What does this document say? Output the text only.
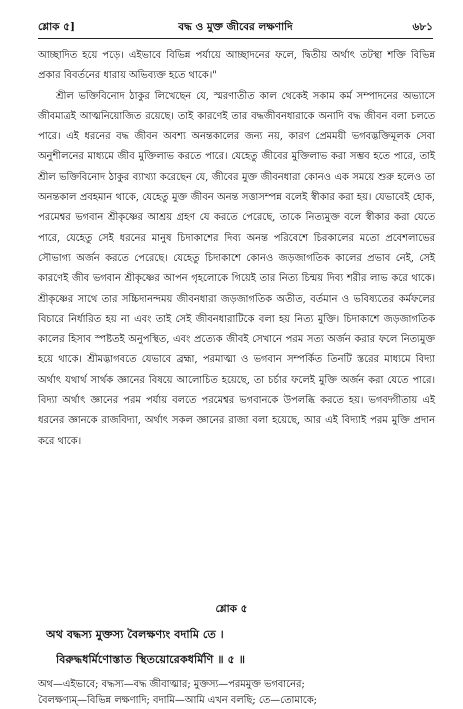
শ্লোক ৫]	বদ্ধ ও মুক্ত জীবের লক্ষণাদি	৬৮১

আচ্ছাদিত হয়ে পড়ে। এইভাবে বিভিন্ন পর্যায়ে আচ্ছাদনের ফলে, দ্বিতীয় অর্থাৎ তটস্থা শক্তি বিভিন্ন প্রকার বিবর্তনের ধারায় অভিব্যক্ত হতে থাকে।"

শ্রীল ভক্তিবিনোদ ঠাকুর লিখেছেন যে, স্মরণাতীত কাল থেকেই সকাম কর্ম সম্পাদনের অভ্যাসে জীবমাত্রই আত্মনিয়োজিত রয়েছে। তাই কারণেই তার বদ্ধজীবনধারাকে অনাদি বদ্ধ জীবন বলা চলতে পারে। এই ধরনের বদ্ধ জীবন অবশ্য অনন্তকালের জন্য নয়, কারণ প্রেমময়ী ভগবদ্ভক্তিমূলক সেবা অনুশীলনের মাধ্যমে জীব মুক্তিলাভ করতে পারে। যেহেতু জীবের মুক্তিলাভ করা সম্ভব হতে পারে, তাই শ্রীল ভক্তিবিনোদ ঠাকুর ব্যাখ্যা করেছেন যে, জীবের মুক্ত জীবনধারা কোনও এক সময়ে শুরু হলেও তা অনন্তকাল প্রবহমান থাকে, যেহেতু মুক্ত জীবন অনন্ত সত্তাসম্পন্ন বলেই স্বীকার করা হয়। যেভাবেই হোক, পরমেশ্বর ভগবান শ্রীকৃষ্ণের আশ্রয় গ্রহণ যে করতে পেরেছে, তাকে নিত্যমুক্ত বলে স্বীকার করা যেতে পারে, যেহেতু সেই ধরনের মানুষ চিদাকাশের দিব্য অনন্ত পরিবেশে চিরকালের মতো প্রবেশলাভের সৌভাগ্য অর্জন করতে পেরেছে। যেহেতু চিদাকাশে কোনও জড়জাগতিক কালের প্রভাব নেই, সেই কারণেই জীব ভগবান শ্রীকৃষ্ণের আপন গৃহলোকে গিয়েই তার নিত্য চিন্ময় দিব্য শরীর লাভ করে থাকে। শ্রীকৃষ্ণের সাথে তার সচ্চিদানন্দময় জীবনধারা জড়জাগতিক অতীত, বর্তমান ও ভবিষ্যতের কর্মফলের বিচারে নির্ধারিত হয় না এবং তাই সেই জীবনধারাটিকে বলা হয় নিত্য মুক্তি। চিদাকাশে জড়জাগতিক কালের হিসাব স্পষ্টতই অনুপস্থিত, এবং প্রত্যেক জীবই সেখানে পরম সত্য অর্জন করার ফলে নিত্যমুক্ত হয়ে থাকে। শ্রীমদ্ভাগবতে যেভাবে ব্রহ্মা, পরমাত্মা ও ভগবান সম্পর্কিত তিনটি স্তরের মাধ্যমে বিদ্যা অর্থাৎ যথার্থ সার্থক জ্ঞানের বিষয়ে আলোচিত হয়েছে, তা চর্চার ফলেই মুক্তি অর্জন করা যেতে পারে। বিদ্যা অর্থাৎ জ্ঞানের পরম পর্যায় বলতে পরমেশ্বর ভগবানকে উপলব্ধি করতে হয়। ভগবদ্গীতায় এই ধরনের জ্ঞানকে রাজবিদ্যা, অর্থাৎ সকল জ্ঞানের রাজা বলা হয়েছে, আর এই বিদ্যাই পরম মুক্তি প্রদান করে থাকে।

শ্লোক ৫
অথ বদ্ধস্য মুক্তস্য বৈলক্ষণ্যং বদামি তে ।
বিরুদ্ধধর্মিণোস্তাত স্থিতয়োরেকধর্মিণি ॥ ৫ ॥

অথ—এইভাবে; বদ্ধস্য—বদ্ধ জীবাত্মার; মুক্তস্য—পরমমুক্ত ভগবানের;

বৈলক্ষণ্যম্—বিভিন্ন লক্ষণাদি; বদামি—আমি এখন বলছি; তে—তোমাকে;
